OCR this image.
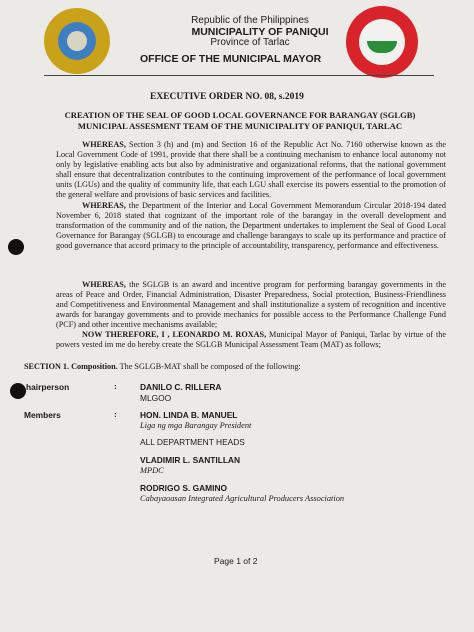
Republic of the Philippines
MUNICIPALITY OF PANIQUI
Province of Tarlac
OFFICE OF THE MUNICIPAL MAYOR
EXECUTIVE ORDER NO. 08, s.2019
CREATION OF THE SEAL OF GOOD LOCAL GOVERNANCE FOR BARANGAY (SGLGB)
MUNICIPAL ASSESMENT TEAM OF THE MUNICIPALITY OF PANIQUI, TARLAC
WHEREAS, Section 3 (h) and (m) and Section 16 of the Republic Act No. 7160 otherwise known as the Local Government Code of 1991, provide that there shall be a continuing mechanism to enhance local autonomy not only by legislative enabling acts but also by administrative and organizational reforms, that the national government shall ensure that decentralization contributes to the continuing improvement of the performance of local government units (LGUs) and the quality of community life, that each LGU shall exercise its powers essential to the promotion of the general welfare and provisions of basic services and facilities.
WHEREAS, the Department of the Interior and Local Government Memorandum Circular 2018-194 dated November 6, 2018 stated that cognizant of the important role of the barangay in the overall development and transformation of the community and of the nation, the Department undertakes to implement the Seal of Good Local Governance for Barangay (SGLGB) to encourage and challenge barangays to scale up its performance and practice of good governance that accord primacy to the principle of accountability, transparency, performance and effectiveness.
WHEREAS, the SGLGB is an award and incentive program for performing barangay governments in the areas of Peace and Order, Financial Administration, Disaster Preparedness, Social protection, Business-Friendliness and Competitiveness and Environmental Management and shall institutionalize a system of recognition and incentive awards for barangay governments and to provide mechanics for possible access to the Performance Challenge Fund (PCF) and other incentive mechanisms available;
NOW THEREFORE, I , LEONARDO M. ROXAS, Municipal Mayor of Paniqui, Tarlac by virtue of the powers vested im me do hereby create the SGLGB Municipal Assessment Team (MAT) as follows;
SECTION 1. Composition. The SGLGB-MAT shall be composed of the following:
hairperson	:	DANILO C. RILLERA
MLGOO
Members	:	HON. LINDA B. MANUEL
Liga ng mga Barangay President
ALL DEPARTMENT HEADS
VLADIMIR L. SANTILLAN
MPDC
RODRIGO S. GAMINO
Cabayaoasan Integrated Agricultural Producers Association
Page 1 of 2
